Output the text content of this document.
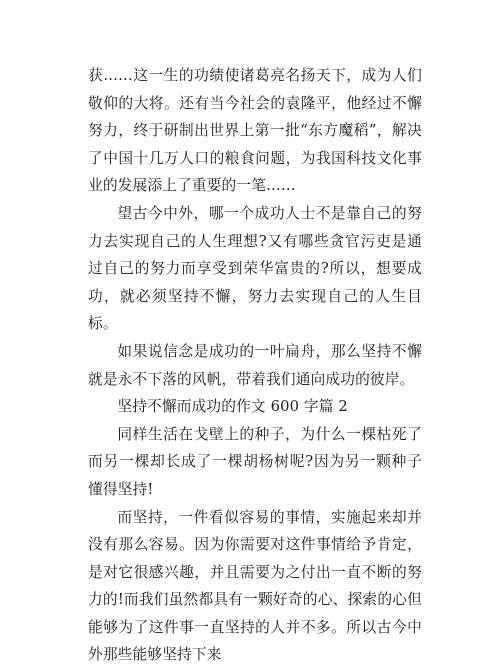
获……这一生的功绩使诸葛亮名扬天下，成为人们敬仰的大将。还有当今社会的袁隆平，他经过不懈努力，终于研制出世界上第一批“东方魔稻”，解决了中国十几万人口的粮食问题，为我国科技文化事业的发展添上了重要的一笔……

望古今中外，哪一个成功人士不是靠自己的努力去实现自己的人生理想?又有哪些贪官污吏是通过自己的努力而享受到荣华富贵的?所以，想要成功，就必须坚持不懈，努力去实现自己的人生目标。

如果说信念是成功的一叶扁舟，那么坚持不懈就是永不下落的风帆，带着我们通向成功的彼岸。

坚持不懈而成功的作文 600 字篇 2

同样生活在戈壁上的种子，为什么一棵枯死了而另一棵却长成了一棵胡杨树呢?因为另一颗种子懂得坚持!

而坚持，一件看似容易的事情，实施起来却并没有那么容易。因为你需要对这件事情给予肯定，是对它很感兴趣，并且需要为之付出一直不断的努力的!而我们虽然都具有一颗好奇的心、探索的心但能够为了这件事一直坚持的人并不多。所以古今中外那些能够坚持下来
